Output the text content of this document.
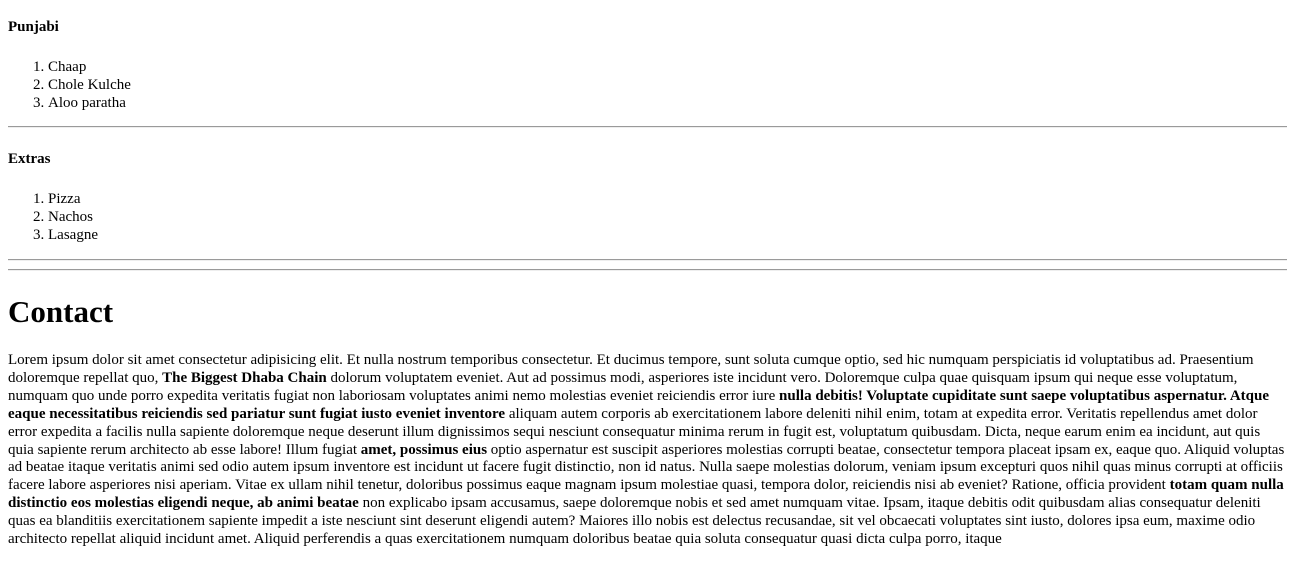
Punjabi
1. Chaap
2. Chole Kulche
3. Aloo paratha
Extras
1. Pizza
2. Nachos
3. Lasagne
Contact

Lorem ipsum dolor sit amet consectetur adipisicing elit. Et nulla nostrum temporibus consectetur. Et ducimus tempore, sunt soluta cumque optio, sed hic numquam perspiciatis id voluptatibus ad. Praesentium doloremque repellat quo, The Biggest Dhaba Chain dolorum voluptatem eveniet. Aut ad possimus modi, asperiores iste incidunt vero. Doloremque culpa quae quisquam ipsum qui neque esse voluptatum, numquam quo unde porro expedita veritatis fugiat non laboriosam voluptates animi nemo molestias eveniet reiciendis error iure nulla debitis! Voluptate cupiditate sunt saepe voluptatibus aspernatur. Atque eaque necessitatibus reiciendis sed pariatur sunt fugiat iusto eveniet inventore aliquam autem corporis ab exercitationem labore deleniti nihil enim, totam at expedita error. Veritatis repellendus amet dolor error expedita a facilis nulla sapiente doloremque neque deserunt illum dignissimos sequi nesciunt consequatur minima rerum in fugit est, voluptatum quibusdam. Dicta, neque earum enim ea incidunt, aut quis quia sapiente rerum architecto ab esse labore! Illum fugiat amet, possimus eius optio aspernatur est suscipit asperiores molestias corrupti beatae, consectetur tempora placeat ipsam ex, eaque quo. Aliquid voluptas ad beatae itaque veritatis animi sed odio autem ipsum inventore est incidunt ut facere fugit distinctio, non id natus. Nulla saepe molestias dolorum, veniam ipsum excepturi quos nihil quas minus corrupti at officiis facere labore asperiores nisi aperiam. Vitae ex ullam nihil tenetur, doloribus possimus eaque magnam ipsum molestiae quasi, tempora dolor, reiciendis nisi ab eveniet? Ratione, officia provident totam quam nulla distinctio eos molestias eligendi neque, ab animi beatae non explicabo ipsam accusamus, saepe doloremque nobis et sed amet numquam vitae. Ipsam, itaque debitis odit quibusdam alias consequatur deleniti quas ea blanditiis exercitationem sapiente impedit a iste nesciunt sint deserunt eligendi autem? Maiores illo nobis est delectus recusandae, sit vel obcaecati voluptates sint iusto, dolores ipsa eum, maxime odio architecto repellat aliquid incidunt amet. Aliquid perferendis a quas exercitationem numquam doloribus beatae quia soluta consequatur quasi dicta culpa porro, itaque
